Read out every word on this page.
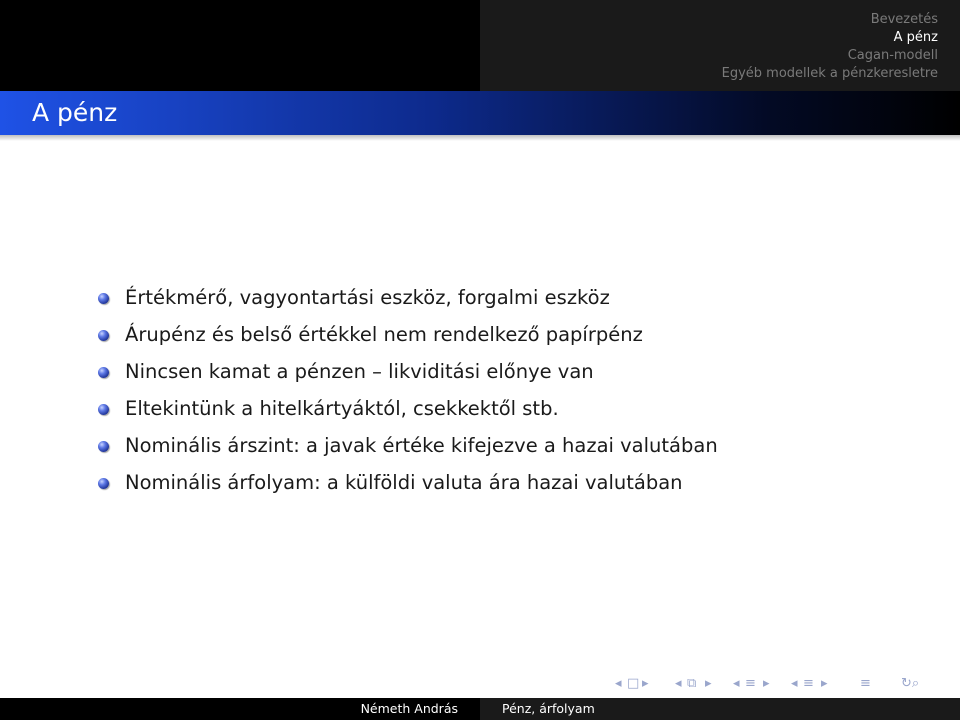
Bevezetés
A pénz
Cagan-modell
Egyéb modellek a pénzkeresletre
A pénz
Értékmérő, vagyontartási eszköz, forgalmi eszköz
Árupénz és belső értékkel nem rendelkező papírpénz
Nincsen kamat a pénzen – likviditási előnye van
Eltekintünk a hitelkártyáktól, csekkektől stb.
Nominális árszint: a javak értéke kifejezve a hazai valutában
Nominális árfolyam: a külföldi valuta ára hazai valutában
◂ □ ▸ ◂ ⧉ ▸ ◂ ≡ ▸ ◂ ≡ ▸ ≡ ↻⌕
Németh András	Pénz, árfolyam
